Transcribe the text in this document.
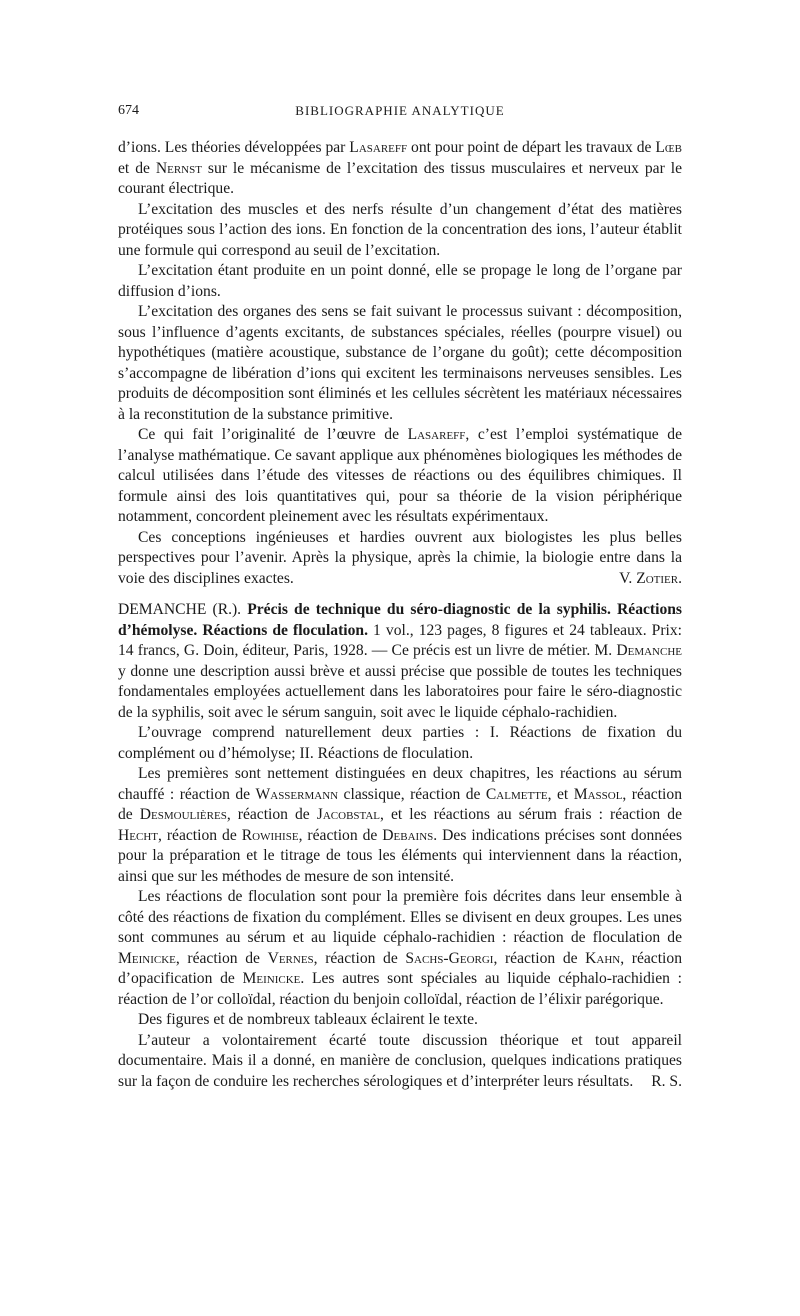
674	BIBLIOGRAPHIE ANALYTIQUE

d’ions. Les théories développées par Lasareff ont pour point de départ les travaux de Lœb et de Nernst sur le mécanisme de l’excitation des tissus musculaires et nerveux par le courant électrique.

L’excitation des muscles et des nerfs résulte d’un changement d’état des matières protéiques sous l’action des ions. En fonction de la concentration des ions, l’auteur établit une formule qui correspond au seuil de l’excitation.

L’excitation étant produite en un point donné, elle se propage le long de l’organe par diffusion d’ions.

L’excitation des organes des sens se fait suivant le processus suivant : décomposition, sous l’influence d’agents excitants, de substances spéciales, réelles (pourpre visuel) ou hypothétiques (matière acoustique, substance de l’organe du goût); cette décomposition s’accompagne de libération d’ions qui excitent les terminaisons nerveuses sensibles. Les produits de décomposition sont éliminés et les cellules sécrètent les matériaux nécessaires à la reconstitution de la substance primitive.

Ce qui fait l’originalité de l’œuvre de Lasareff, c’est l’emploi systématique de l’analyse mathématique. Ce savant applique aux phénomènes biologiques les méthodes de calcul utilisées dans l’étude des vitesses de réactions ou des équilibres chimiques. Il formule ainsi des lois quantitatives qui, pour sa théorie de la vision périphérique notamment, concordent pleinement avec les résultats expérimentaux.

Ces conceptions ingénieuses et hardies ouvrent aux biologistes les plus belles perspectives pour l’avenir. Après la physique, après la chimie, la biologie entre dans la voie des disciplines exactes.	V. Zotier.

DEMANCHE (R.). Précis de technique du séro-diagnostic de la syphilis. Réactions d’hémolyse. Réactions de floculation. 1 vol., 123 pages, 8 figures et 24 tableaux. Prix: 14 francs, G. Doin, éditeur, Paris, 1928. — Ce précis est un livre de métier. M. Demanche y donne une description aussi brève et aussi précise que possible de toutes les techniques fondamentales employées actuellement dans les laboratoires pour faire le séro-diagnostic de la syphilis, soit avec le sérum sanguin, soit avec le liquide céphalo-rachidien.

L’ouvrage comprend naturellement deux parties : I. Réactions de fixation du complément ou d’hémolyse; II. Réactions de floculation.

Les premières sont nettement distinguées en deux chapitres, les réactions au sérum chauffé : réaction de Wassermann classique, réaction de Calmette, et Massol, réaction de Desmoulières, réaction de Jacobstal, et les réactions au sérum frais : réaction de Hecht, réaction de Rowihise, réaction de Debains. Des indications précises sont données pour la préparation et le titrage de tous les éléments qui interviennent dans la réaction, ainsi que sur les méthodes de mesure de son intensité.

Les réactions de floculation sont pour la première fois décrites dans leur ensemble à côté des réactions de fixation du complément. Elles se divisent en deux groupes. Les unes sont communes au sérum et au liquide céphalo-rachidien : réaction de floculation de Meinicke, réaction de Vernes, réaction de Sachs-Georgi, réaction de Kahn, réaction d’opacification de Meinicke. Les autres sont spéciales au liquide céphalo-rachidien : réaction de l’or colloïdal, réaction du benjoin colloïdal, réaction de l’élixir parégorique.

Des figures et de nombreux tableaux éclairent le texte.

L’auteur a volontairement écarté toute discussion théorique et tout appareil documentaire. Mais il a donné, en manière de conclusion, quelques indications pratiques sur la façon de conduire les recherches sérologiques et d’interpréter leurs résultats. R. S.
